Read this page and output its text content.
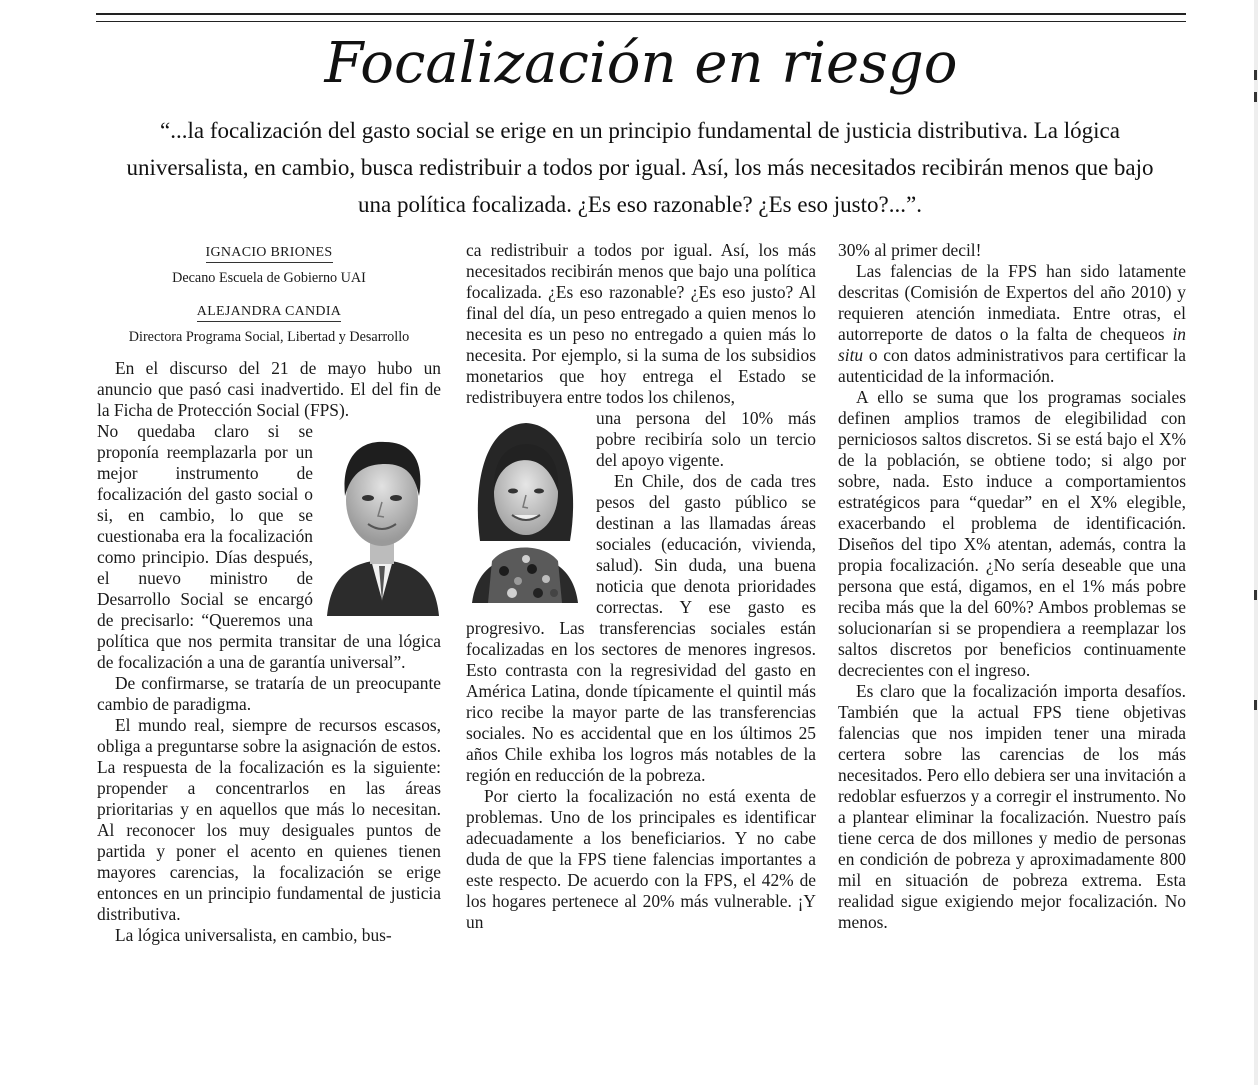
Focalización en riesgo

“...la focalización del gasto social se erige en un principio fundamental de justicia distributiva. La lógica universalista, en cambio, busca redistribuir a todos por igual. Así, los más necesitados recibirán menos que bajo una política focalizada. ¿Es eso razonable? ¿Es eso justo?...”.

IGNACIO BRIONES
Decano Escuela de Gobierno UAI
ALEJANDRA CANDIA
Directora Programa Social, Libertad y Desarrollo

En el discurso del 21 de mayo hubo un anuncio que pasó casi inadvertido. El del fin de la Ficha de Protección Social (FPS).

No quedaba claro si se proponía reemplazarla por un mejor instrumento de focalización del gasto social o si, en cambio, lo que se cuestionaba era la focalización como principio. Días después, el nuevo ministro de Desarrollo Social se encargó de precisarlo: “Queremos una política que nos permita transitar de una lógica de focalización a una de garantía universal”.

De confirmarse, se trataría de un preocupante cambio de paradigma.

El mundo real, siempre de recursos escasos, obliga a preguntarse sobre la asignación de estos. La respuesta de la focalización es la siguiente: propender a concentrarlos en las áreas prioritarias y en aquellos que más lo necesitan. Al reconocer los muy desiguales puntos de partida y poner el acento en quienes tienen mayores carencias, la focalización se erige entonces en un principio fundamental de justicia distributiva.

La lógica universalista, en cambio, bus-

ca redistribuir a todos por igual. Así, los más necesitados recibirán menos que bajo una política focalizada. ¿Es eso razonable? ¿Es eso justo? Al final del día, un peso entregado a quien menos lo necesita es un peso no entregado a quien más lo necesita. Por ejemplo, si la suma de los subsidios monetarios que hoy entrega el Estado se redistribuyera entre todos los chilenos,

una persona del 10% más pobre recibiría solo un tercio del apoyo vigente.

En Chile, dos de cada tres pesos del gasto público se destinan a las llamadas áreas sociales (educación, vivienda, salud). Sin duda, una buena noticia que denota prioridades correctas. Y ese gasto es progresivo. Las transferencias sociales están focalizadas en los sectores de menores ingresos. Esto contrasta con la regresividad del gasto en América Latina, donde típicamente el quintil más rico recibe la mayor parte de las transferencias sociales. No es accidental que en los últimos 25 años Chile exhiba los logros más notables de la región en reducción de la pobreza.

Por cierto la focalización no está exenta de problemas. Uno de los principales es identificar adecuadamente a los beneficiarios. Y no cabe duda de que la FPS tiene falencias importantes a este respecto. De acuerdo con la FPS, el 42% de los hogares pertenece al 20% más vulnerable. ¡Y un

30% al primer decil!

Las falencias de la FPS han sido latamente descritas (Comisión de Expertos del año 2010) y requieren atención inmediata. Entre otras, el autorreporte de datos o la falta de chequeos in situ o con datos administrativos para certificar la autenticidad de la información.

A ello se suma que los programas sociales definen amplios tramos de elegibilidad con perniciosos saltos discretos. Si se está bajo el X% de la población, se obtiene todo; si algo por sobre, nada. Esto induce a comportamientos estratégicos para “quedar” en el X% elegible, exacerbando el problema de identificación. Diseños del tipo X% atentan, además, contra la propia focalización. ¿No sería deseable que una persona que está, digamos, en el 1% más pobre reciba más que la del 60%? Ambos problemas se solucionarían si se propendiera a reemplazar los saltos discretos por beneficios continuamente decrecientes con el ingreso.

Es claro que la focalización importa desafíos. También que la actual FPS tiene objetivas falencias que nos impiden tener una mirada certera sobre las carencias de los más necesitados. Pero ello debiera ser una invitación a redoblar esfuerzos y a corregir el instrumento. No a plantear eliminar la focalización. Nuestro país tiene cerca de dos millones y medio de personas en condición de pobreza y aproximadamente 800 mil en situación de pobreza extrema. Esta realidad sigue exigiendo mejor focalización. No menos.
